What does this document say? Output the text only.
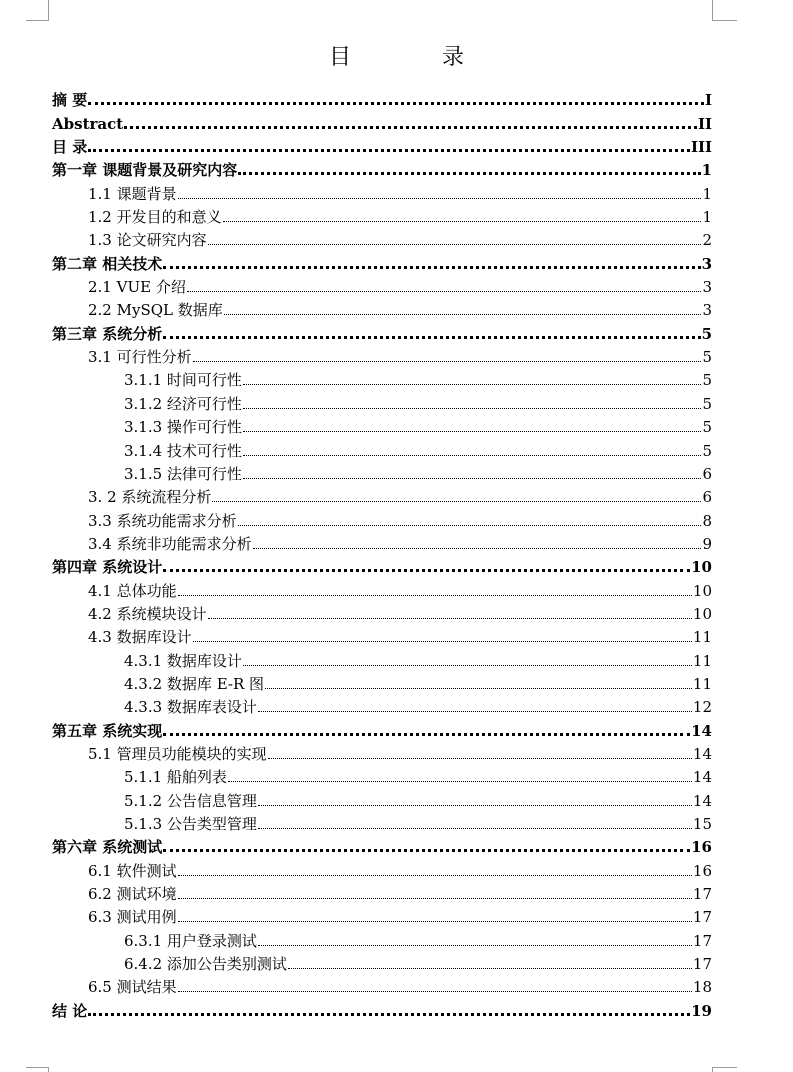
目 录
摘 要	I
Abstract	II
目 录	III
第一章 课题背景及研究内容	1
1.1 课题背景	1
1.2 开发目的和意义	1
1.3 论文研究内容	2
第二章 相关技术	3
2.1 VUE 介绍	3
2.2 MySQL 数据库	3
第三章 系统分析	5
3.1 可行性分析	5
3.1.1 时间可行性	5
3.1.2 经济可行性	5
3.1.3 操作可行性	5
3.1.4 技术可行性	5
3.1.5 法律可行性	6
3. 2 系统流程分析	6
3.3 系统功能需求分析	8
3.4 系统非功能需求分析	9
第四章 系统设计	10
4.1 总体功能	10
4.2 系统模块设计	10
4.3 数据库设计	11
4.3.1 数据库设计	11
4.3.2 数据库 E-R 图	11
4.3.3 数据库表设计	12
第五章 系统实现	14
5.1 管理员功能模块的实现	14
5.1.1 船舶列表	14
5.1.2 公告信息管理	14
5.1.3 公告类型管理	15
第六章 系统测试	16
6.1 软件测试	16
6.2 测试环境	17
6.3 测试用例	17
6.3.1 用户登录测试	17
6.4.2 添加公告类别测试	17
6.5 测试结果	18
结 论	19
